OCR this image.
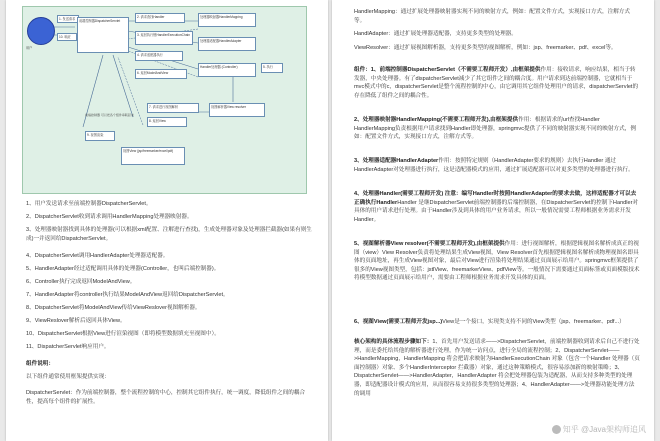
用户
1. 发送请求	前端控制器DispatcherServlet
2. 请求查找Handler	处理器映射器HandlerMapping
3. 返回执行链HandlerExecutionChain
处理器适配器HandlerAdapter
4. 请求适配器执行
Handler处理器 (Controller)	5. 执行
6. 返回ModelAndView
视图解析器View resolver
7. 请求进行视图解析
8. 返回View
视图View (jsp/freemarker/excel/pdf)
9. 视图渲染
10. 响应
前端控制器 可以把各个组件串联起来

1、用户发送请求至前端控制器DispatcherServlet。

2、DispatcherServlet收到请求调用HandlerMapping处理器映射器。

3、处理器映射器找到具体的处理器(可以根据xml配置、注解进行查找)，生成处理器对象及处理器拦截器(如果有则生成)一并返回给DispatcherServlet。

4、DispatcherServlet调用HandlerAdapter处理器适配器。

5、HandlerAdapter经过适配调用具体的处理器(Controller，也叫后端控制器)。

6、Controller执行完成返回ModelAndView。

7、HandlerAdapter将controller执行结果ModelAndView返回给DispatcherServlet。

8、DispatcherServlet将ModelAndView传给ViewReslover视图解析器。

9、ViewReslover解析后返回具体View。

10、DispatcherServlet根据View进行渲染视图（即将模型数据填充至视图中）。

11、DispatcherServlet响应用户。

组件说明：

以下组件通常使用框架提供实现：

DispatcherServlet：作为前端控制器，整个流程控制的中心，控制其它组件执行，统一调度，降低组件之间的耦合性，提高每个组件的扩展性。

HandlerMapping：通过扩展处理器映射器实现不同的映射方式，例如：配置文件方式，实现接口方式，注解方式等。

HandlAdapter：通过扩展处理器适配器，支持更多类型的处理器。

ViewResolver：通过扩展视图解析器，支持更多类型的视图解析，例如：jsp、freemarker、pdf、excel等。

组件：1、前端控制器DispatcherServlet（不需要工程师开发）,由框架提供作用：接收请求，响应结果，相当于转发器，中央处理器。有了dispatcherServlet减少了其它组件之间的耦合度。用户请求到达前端控制器，它就相当于mvc模式中的c，dispatcherServlet是整个流程控制的中心，由它调用其它组件处理用户的请求，dispatcherServlet的存在降低了组件之间的耦合性。

2、处理器映射器HandlerMapping(不需要工程师开发),由框架提供作用：根据请求的url查找Handler HandlerMapping负责根据用户请求找到Handler即处理器，springmvc提供了不同的映射器实现不同的映射方式，例如：配置文件方式，实现接口方式，注解方式等。

3、处理器适配器HandlerAdapter作用：按照特定规则（HandlerAdapter要求的规则）去执行Handler 通过HandlerAdapter对处理器进行执行，这是适配器模式的应用，通过扩展适配器可以对更多类型的处理器进行执行。

4、处理器Handler(需要工程师开发) 注意：编写Handler时按照HandlerAdapter的要求去做，这样适配器才可以去正确执行HandlerHandler 是继DispatcherServlet前端控制器的后端控制器，在DispatcherServlet的控制下Handler对具体的用户请求进行处理。由于Handler涉及到具体的用户业务请求，所以一般情况需要工程师根据业务需求开发Handler。

5、视图解析器View resolver(不需要工程师开发),由框架提供作用：进行视图解析，根据逻辑视图名解析成真正的视图（view）View Resolver负责将处理结果生成View视图，View Resolver首先根据逻辑视图名解析成物理视图名即具体的页面地址，再生成View视图对象，最后对View进行渲染将处理结果通过页面展示给用户。springmvc框架提供了很多的View视图类型，包括：jstlView、freemarkerView、pdfView等。一般情况下需要通过页面标签或页面模版技术将模型数据通过页面展示给用户，需要由工程师根据业务需求开发具体的页面。

6、视图View(需要工程师开发jsp...)View是一个接口，实现类支持不同的View类型（jsp、freemarker、pdf...）

核心架构的具体流程步骤如下：1、首先用户发送请求——>DispatcherServlet，前端控制器收到请求后自己不进行处理，而是委托给其他的解析器进行处理，作为统一访问点，进行全局的流程控制；2、DispatcherServlet——>HandlerMapping，HandlerMapping 将会把请求映射为HandlerExecutionChain 对象（包含一个Handler 处理器（页面控制器）对象、多个HandlerInterceptor 拦截器）对象，通过这种策略模式，很容易添加新的映射策略；3、DispatcherServlet——>HandlerAdapter，HandlerAdapter 将会把处理器包装为适配器，从而支持多种类型的处理器，即适配器设计模式的应用，从而很容易支持很多类型的处理器；4、HandlerAdapter——>处理器功能处理方法的调用

知乎 @Java架构师追风
